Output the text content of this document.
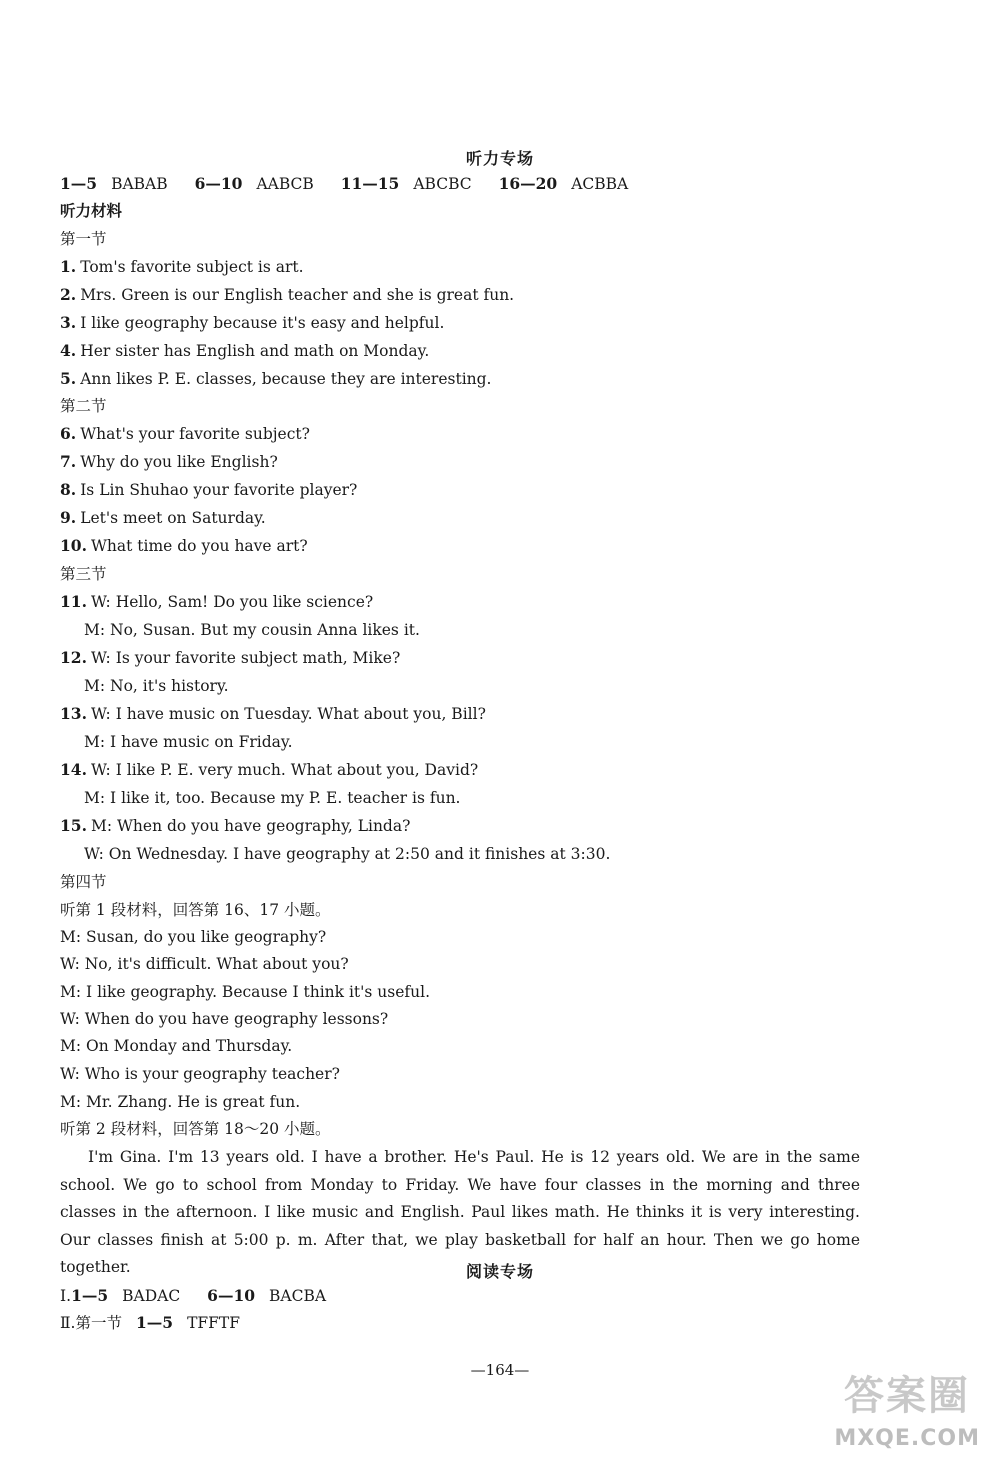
听力专场
1—5 BABAB 6—10 AABCB 11—15 ABCBC 16—20 ACBBA
听力材料
第一节
1. Tom's favorite subject is art.
2. Mrs. Green is our English teacher and she is great fun.
3. I like geography because it's easy and helpful.
4. Her sister has English and math on Monday.
5. Ann likes P. E. classes, because they are interesting.
第二节
6. What's your favorite subject?
7. Why do you like English?
8. Is Lin Shuhao your favorite player?
9. Let's meet on Saturday.
10. What time do you have art?
第三节
11. W: Hello, Sam! Do you like science?
M: No, Susan. But my cousin Anna likes it.
12. W: Is your favorite subject math, Mike?
M: No, it's history.
13. W: I have music on Tuesday. What about you, Bill?
M: I have music on Friday.
14. W: I like P. E. very much. What about you, David?
M: I like it, too. Because my P. E. teacher is fun.
15. M: When do you have geography, Linda?
W: On Wednesday. I have geography at 2:50 and it finishes at 3:30.
第四节
听第 1 段材料，回答第 16、17 小题。
M: Susan, do you like geography?
W: No, it's difficult. What about you?
M: I like geography. Because I think it's useful.
W: When do you have geography lessons?
M: On Monday and Thursday.
W: Who is your geography teacher?
M: Mr. Zhang. He is great fun.
听第 2 段材料，回答第 18～20 小题。
I'm Gina. I'm 13 years old. I have a brother. He's Paul. He is 12 years old. We are in the same school. We go to school from Monday to Friday. We have four classes in the morning and three classes in the afternoon. I like music and English. Paul likes math. He thinks it is very interesting. Our classes finish at 5:00 p. m. After that, we play basketball for half an hour. Then we go home together.	阅读专场
Ⅰ.1—5 BADAC 6—10 BACBA
Ⅱ.第一节 1—5 TFFTF
—164—
答案圈
MXQE.COM
